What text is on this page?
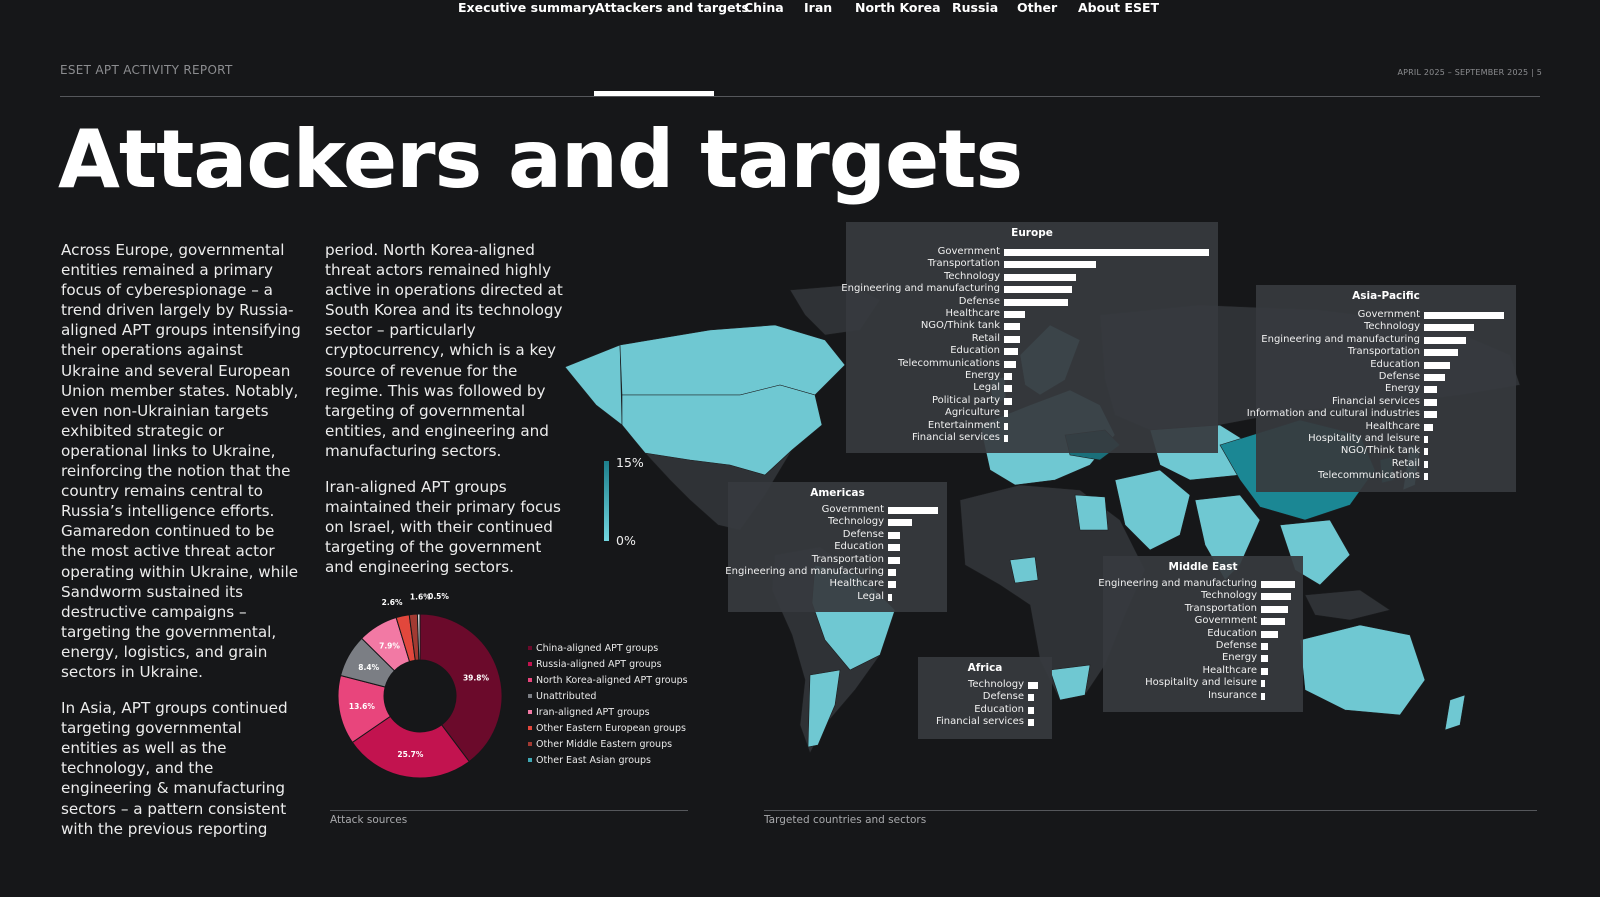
ESET APT ACTIVITY REPORT
Executive summary Attackers and targets
China Iran North Korea Russia Other About ESET
APRIL 2025 – SEPTEMBER 2025 | 5
Attackers and targets

Across Europe, governmental entities remained a primary focus of cyberespionage – a trend driven largely by Russia-aligned APT groups intensifying their operations against Ukraine and several European Union member states. Notably, even non-Ukrainian targets exhibited strategic or operational links to Ukraine, reinforcing the notion that the country remains central to Russia’s intelligence efforts. Gamaredon continued to be the most active threat actor operating within Ukraine, while Sandworm sustained its destructive campaigns – targeting the governmental, energy, logistics, and grain sectors in Ukraine.

In Asia, APT groups continued targeting governmental entities as well as the technology, and the engineering & manufacturing sectors – a pattern consistent with the previous reporting

period. North Korea-aligned threat actors remained highly active in operations directed at South Korea and its technology sector – particularly cryptocurrency, which is a key source of revenue for the regime. This was followed by targeting of governmental entities, and engineering and manufacturing sectors.

Iran-aligned APT groups maintained their primary focus on Israel, with their continued targeting of the government and engineering sectors.

39.8%
25.7%
13.6%
8.4%
7.9%
2.6%
1.6%
0.5%
China-aligned APT groups
Russia-aligned APT groups
North Korea-aligned APT groups
Unattributed
Iran-aligned APT groups
Other Eastern European groups
Other Middle Eastern groups
Other East Asian groups
Attack sources
15%
0%
Europe
Government
Transportation
Technology
Engineering and manufacturing
Defense
Healthcare
NGO/Think tank
Retail
Education
Telecommunications
Energy
Legal
Political party
Agriculture
Entertainment
Financial services
Asia-Pacific
Government
Technology
Engineering and manufacturing
Transportation
Education
Defense
Energy
Financial services
Information and cultural industries
Healthcare
Hospitality and leisure
NGO/Think tank
Retail
Telecommunications
Americas
Government
Technology
Defense
Education
Transportation
Engineering and manufacturing
Healthcare
Legal
Middle East
Engineering and manufacturing
Technology
Transportation
Government
Education
Defense
Energy
Healthcare
Hospitality and leisure
Insurance
Africa
Technology
Defense
Education
Financial services
Targeted countries and sectors
